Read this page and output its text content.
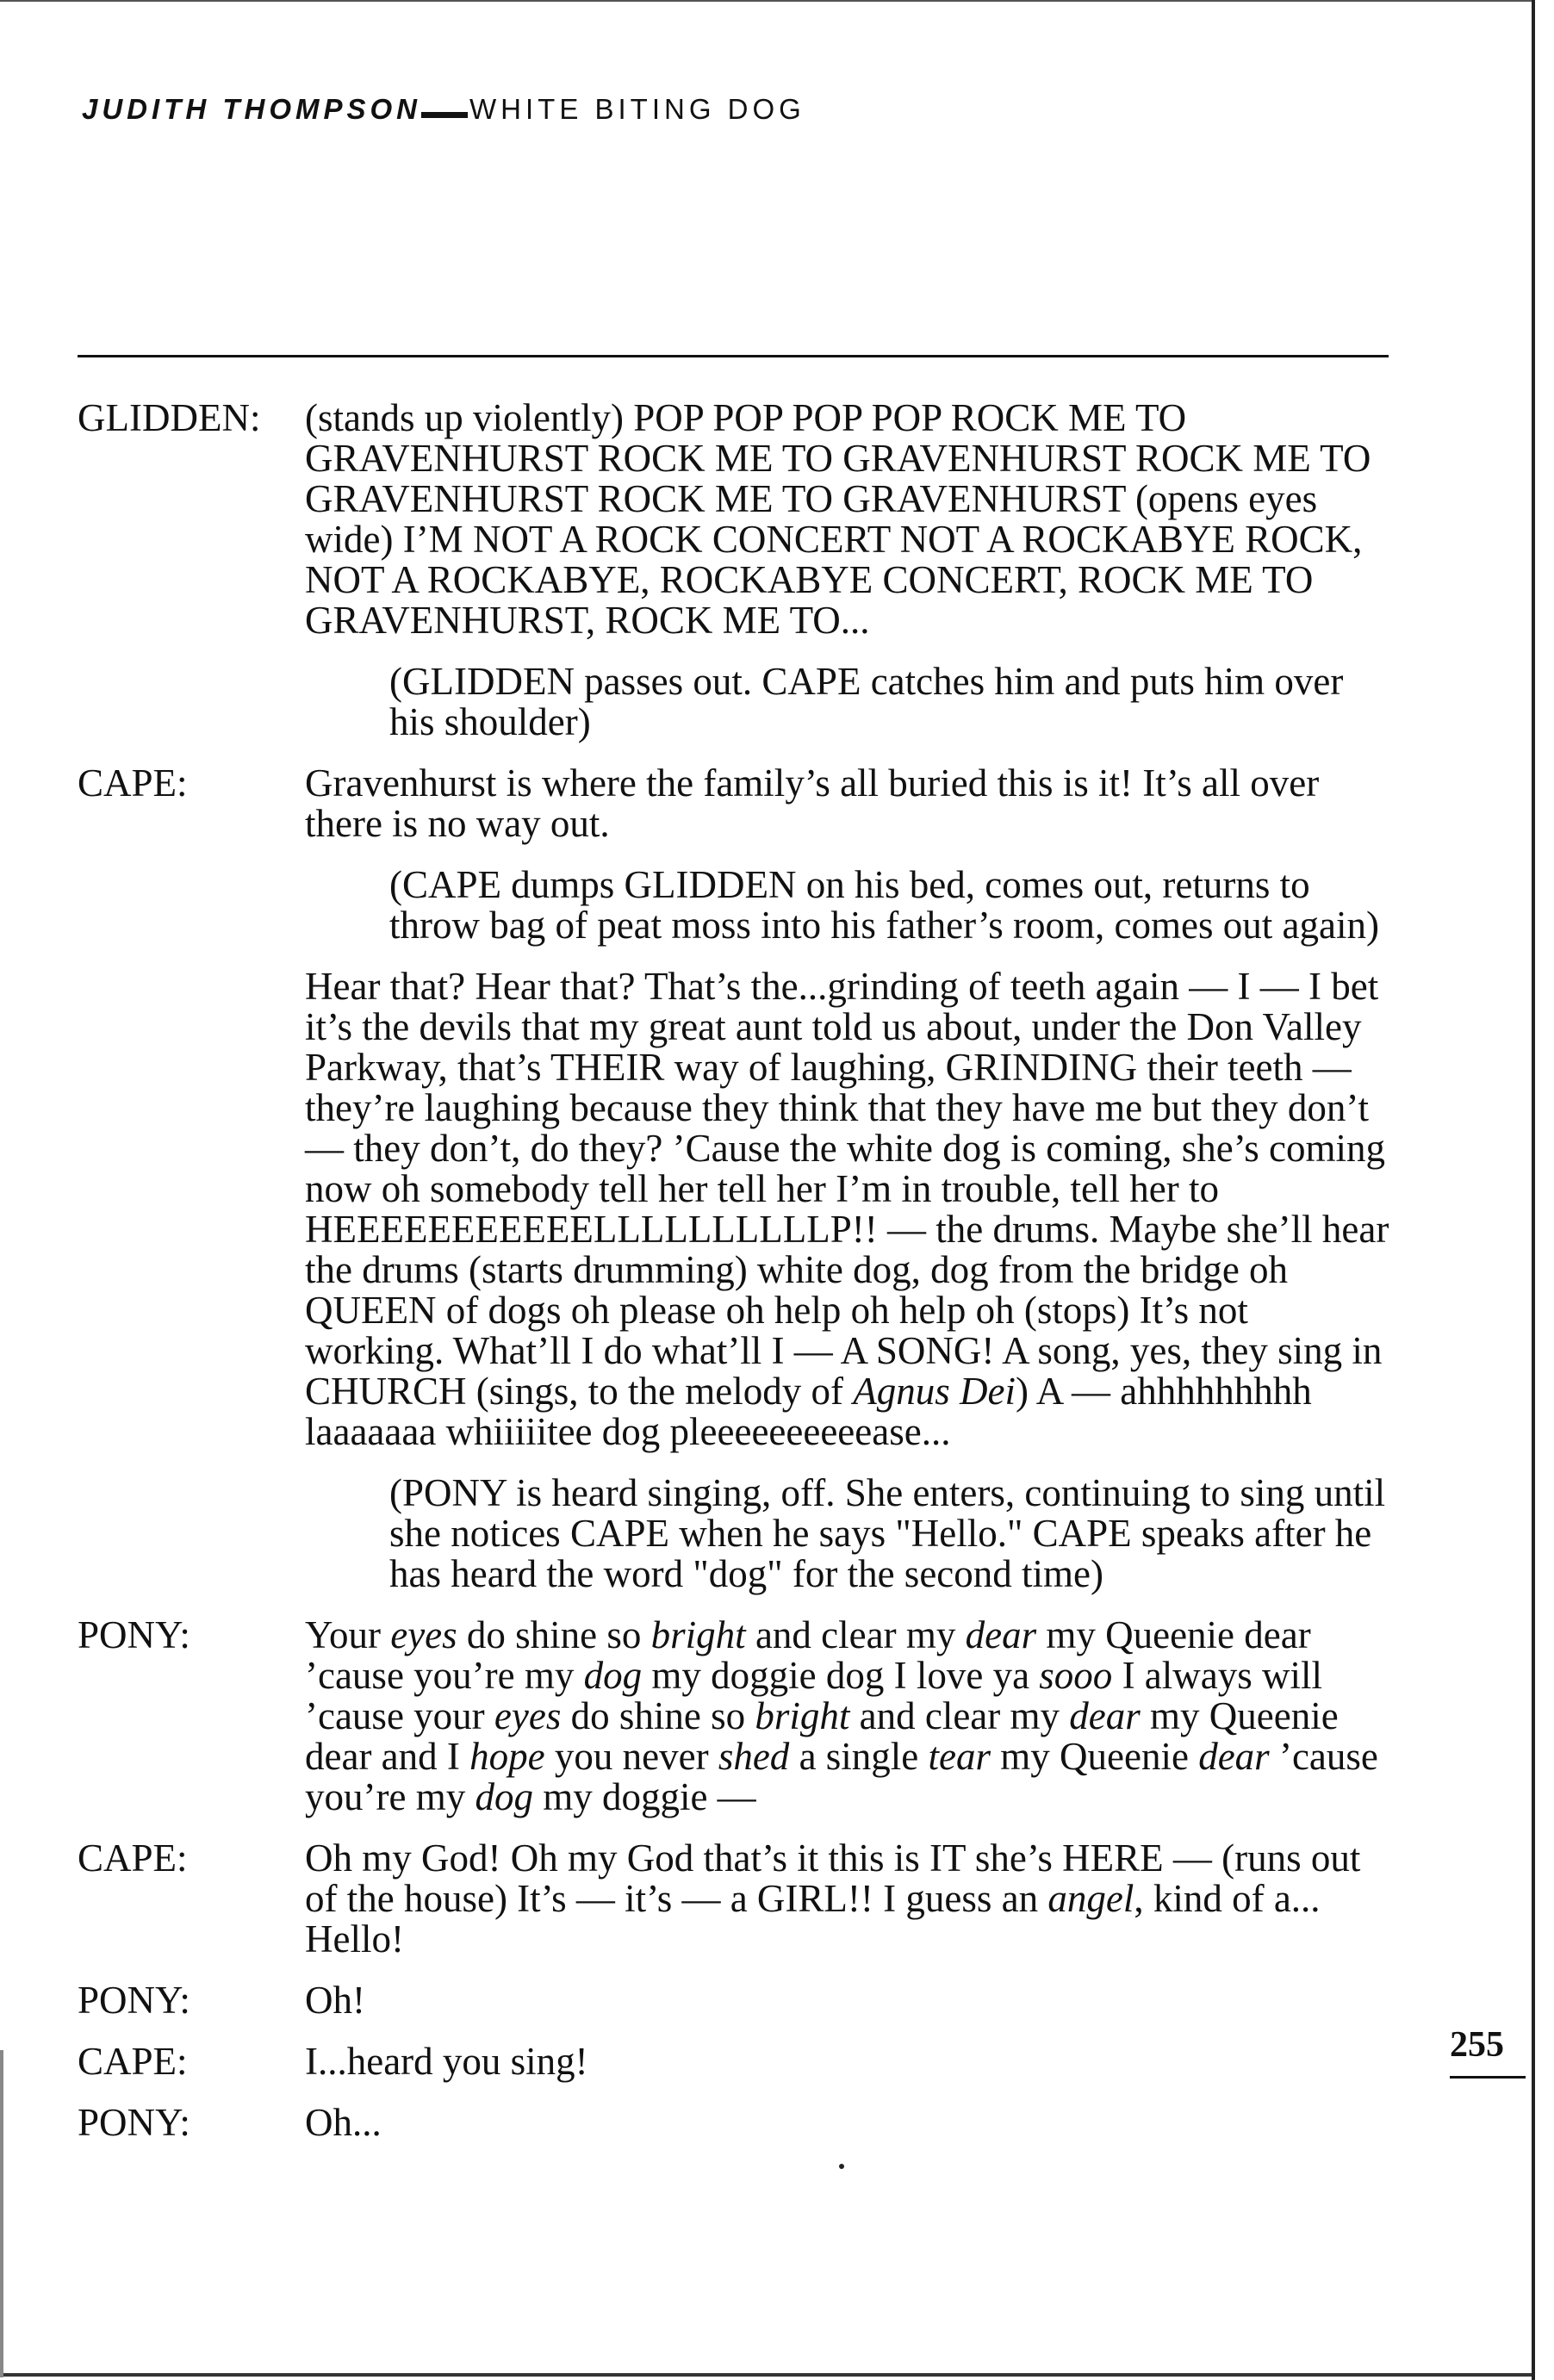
JUDITH THOMPSON WHITE BITING DOG
GLIDDEN:	(stands up violently) POP POP POP POP ROCK ME TO GRAVENHURST ROCK ME TO GRAVENHURST ROCK ME TO GRAVENHURST ROCK ME TO GRAVENHURST (opens eyes wide) I’M NOT A ROCK CONCERT NOT A ROCKABYE ROCK, NOT A ROCKABYE, ROCKABYE CONCERT, ROCK ME TO GRAVENHURST, ROCK ME TO...
(GLIDDEN passes out. CAPE catches him and puts him over his shoulder)
CAPE:	Gravenhurst is where the family’s all buried this is it! It’s all over there is no way out.
(CAPE dumps GLIDDEN on his bed, comes out, returns to throw bag of peat moss into his father’s room, comes out again)
Hear that? Hear that? That’s the...grinding of teeth again — I — I bet it’s the devils that my great aunt told us about, under the Don Valley Parkway, that’s THEIR way of laughing, GRINDING their teeth — they’re laughing because they think that they have me but they don’t — they don’t, do they? ’Cause the white dog is coming, she’s coming now oh somebody tell her tell her I’m in trouble, tell her to HEEEEEEEEEEELLLLLLLLLLP!! — the drums. Maybe she’ll hear the drums (starts drumming) white dog, dog from the bridge oh QUEEN of dogs oh please oh help oh help oh (stops) It’s not working. What’ll I do what’ll I — A SONG! A song, yes, they sing in CHURCH (sings, to the melody of Agnus Dei) A — ahhhhhhhhh laaaaaaa whiiiiitee dog pleeeeeeeeeease...
(PONY is heard singing, off. She enters, continuing to sing until she notices CAPE when he says "Hello." CAPE speaks after he has heard the word "dog" for the second time)
PONY:	Your eyes do shine so bright and clear my dear my Queenie dear ’cause you’re my dog my doggie dog I love ya sooo I always will ’cause your eyes do shine so bright and clear my dear my Queenie dear and I hope you never shed a single tear my Queenie dear ’cause you’re my dog my doggie —
CAPE:	Oh my God! Oh my God that’s it this is IT she’s HERE — (runs out of the house) It’s — it’s — a GIRL!! I guess an angel, kind of a... Hello!
PONY:	Oh!
CAPE:	I...heard you sing!
PONY:	Oh...
255
